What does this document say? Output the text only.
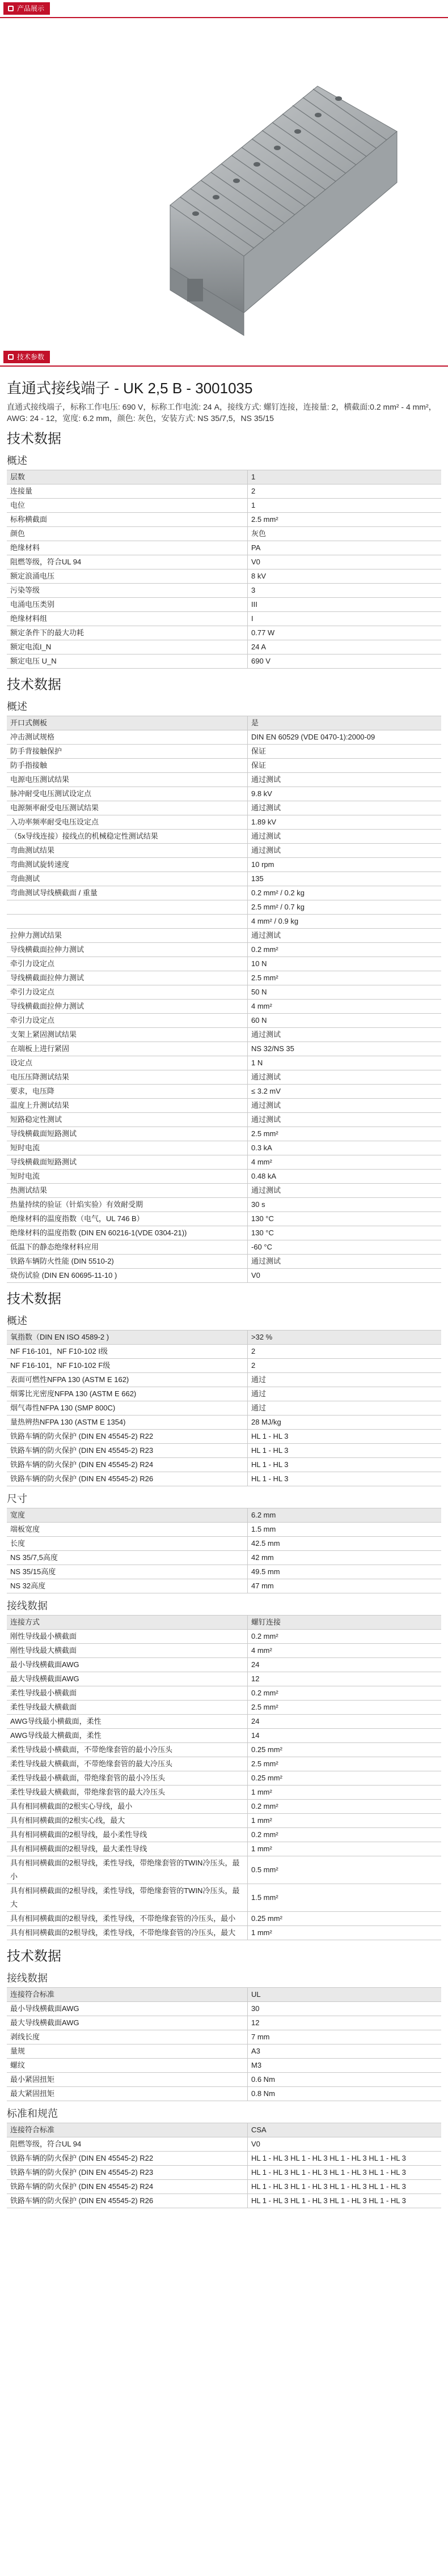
产品展示
技术参数
直通式接线端子 - UK 2,5 B - 3001035

直通式接线端子，标称工作电压: 690 V，标称工作电流: 24 A，接线方式: 螺钉连接，连接量: 2，横截面:0.2 mm² - 4 mm²，AWG: 24 - 12，宽度: 6.2 mm，颜色: 灰色，安装方式: NS 35/7,5，NS 35/15

技术数据
概述
层数	1
连接量	2
电位	1
标称横截面	2.5 mm²
颜色	灰色
绝缘材料	PA
阻燃等级，符合UL 94	V0
额定浪涌电压	8 kV
污染等级	3
电涌电压类别	III
绝缘材料组	I
额定条件下的最大功耗	0.77 W
额定电流I_N	24 A
额定电压 U_N	690 V
技术数据
概述
开口式侧板	是
冲击测试规格	DIN EN 60529 (VDE 0470-1):2000-09
防手背接触保护	保证
防手指接触	保证
电源电压测试结果	通过测试
脉冲耐受电压测试设定点	9.8 kV
电源频率耐受电压测试结果	通过测试
入功率频率耐受电压设定点	1.89 kV
（5x导线连接）接线点的机械稳定性测试结果	通过测试
弯曲测试结果	通过测试
弯曲测试旋转速度	10 rpm
弯曲测试	135
弯曲测试导线横截面 / 重量	0.2 mm² / 0.2 kg
	2.5 mm² / 0.7 kg
	4 mm² / 0.9 kg
拉伸力测试结果	通过测试
导线横截面拉伸力测试	0.2 mm²
牵引力设定点	10 N
导线横截面拉伸力测试	2.5 mm²
牵引力设定点	50 N
导线横截面拉伸力测试	4 mm²
牵引力设定点	60 N
支架上紧固测试结果	通过测试
在端板上进行紧固	NS 32/NS 35
设定点	1 N
电压压降测试结果	通过测试
要求，电压降	≤ 3.2 mV
温度上升测试结果	通过测试
短路稳定性测试	通过测试
导线横截面短路测试	2.5 mm²
短时电流	0.3 kA
导线横截面短路测试	4 mm²
短时电流	0.48 kA
热测试结果	通过测试
热量持续的验证（针焰实验）有效耐受期	30 s
绝缘材料的温度指数（电气，UL 746 B）	130 °C
绝缘材料的温度指数 (DIN EN 60216-1(VDE 0304-21))	130 °C
低温下的静态绝缘材料应用	-60 °C
铁路车辆防火性能 (DIN 5510-2)	通过测试
烧伤试验 (DIN EN 60695-11-10 )	V0
技术数据
概述
氧指数（DIN EN ISO 4589-2 )	>32 %
NF F16-101，NF F10-102 Ι级	2
NF F16-101，NF F10-102 F级	2
表面可燃性NFPA 130 (ASTM E 162)	通过
烟雾比光密度NFPA 130 (ASTM E 662)	通过
烟气毒性NFPA 130 (SMP 800C)	通过
量热辨热NFPA 130 (ASTM E 1354)	28 MJ/kg
铁路车辆的防火保护 (DIN EN 45545-2) R22	HL 1 - HL 3
铁路车辆的防火保护 (DIN EN 45545-2) R23	HL 1 - HL 3
铁路车辆的防火保护 (DIN EN 45545-2) R24	HL 1 - HL 3
铁路车辆的防火保护 (DIN EN 45545-2) R26	HL 1 - HL 3
尺寸
宽度	6.2 mm
端板宽度	1.5 mm
长度	42.5 mm
NS 35/7,5高度	42 mm
NS 35/15高度	49.5 mm
NS 32高度	47 mm
接线数据
连接方式	螺钉连接
刚性导线最小横截面	0.2 mm²
刚性导线最大横截面	4 mm²
最小导线横截面AWG	24
最大导线横截面AWG	12
柔性导线最小横截面	0.2 mm²
柔性导线最大横截面	2.5 mm²
AWG导线最小横截面，柔性	24
AWG导线最大横截面，柔性	14
柔性导线最小横截面，不带绝缘套管的最小冷压头	0.25 mm²
柔性导线最大横截面，不带绝缘套管的最大冷压头	2.5 mm²
柔性导线最小横截面，带绝缘套管的最小冷压头	0.25 mm²
柔性导线最大横截面，带绝缘套管的最大冷压头	1 mm²
具有相同横截面的2根实心导线，最小	0.2 mm²
具有相同横截面的2根实心线，最大	1 mm²
具有相同横截面的2根导线，最小柔性导线	0.2 mm²
具有相同横截面的2根导线，最大柔性导线	1 mm²
具有相同横截面的2根导线，柔性导线，带绝缘套管的TWIN冷压头，最小	0.5 mm²
具有相同横截面的2根导线，柔性导线，带绝缘套管的TWIN冷压头，最大	1.5 mm²
具有相同横截面的2根导线，柔性导线，不带绝缘套管的冷压头，最小	0.25 mm²
具有相同横截面的2根导线，柔性导线，不带绝缘套管的冷压头，最大	1 mm²
技术数据
接线数据
连接符合标准	UL
最小导线横截面AWG	30
最大导线横截面AWG	12
剥线长度	7 mm
量规	A3
螺纹	M3
最小紧固扭矩	0.6 Nm
最大紧固扭矩	0.8 Nm
标准和规范
连接符合标准	CSA
阻燃等级，符合UL 94	V0
铁路车辆的防火保护 (DIN EN 45545-2) R22	HL 1 - HL 3 HL 1 - HL 3 HL 1 - HL 3 HL 1 - HL 3
铁路车辆的防火保护 (DIN EN 45545-2) R23	HL 1 - HL 3 HL 1 - HL 3 HL 1 - HL 3 HL 1 - HL 3
铁路车辆的防火保护 (DIN EN 45545-2) R24	HL 1 - HL 3 HL 1 - HL 3 HL 1 - HL 3 HL 1 - HL 3
铁路车辆的防火保护 (DIN EN 45545-2) R26	HL 1 - HL 3 HL 1 - HL 3 HL 1 - HL 3 HL 1 - HL 3
